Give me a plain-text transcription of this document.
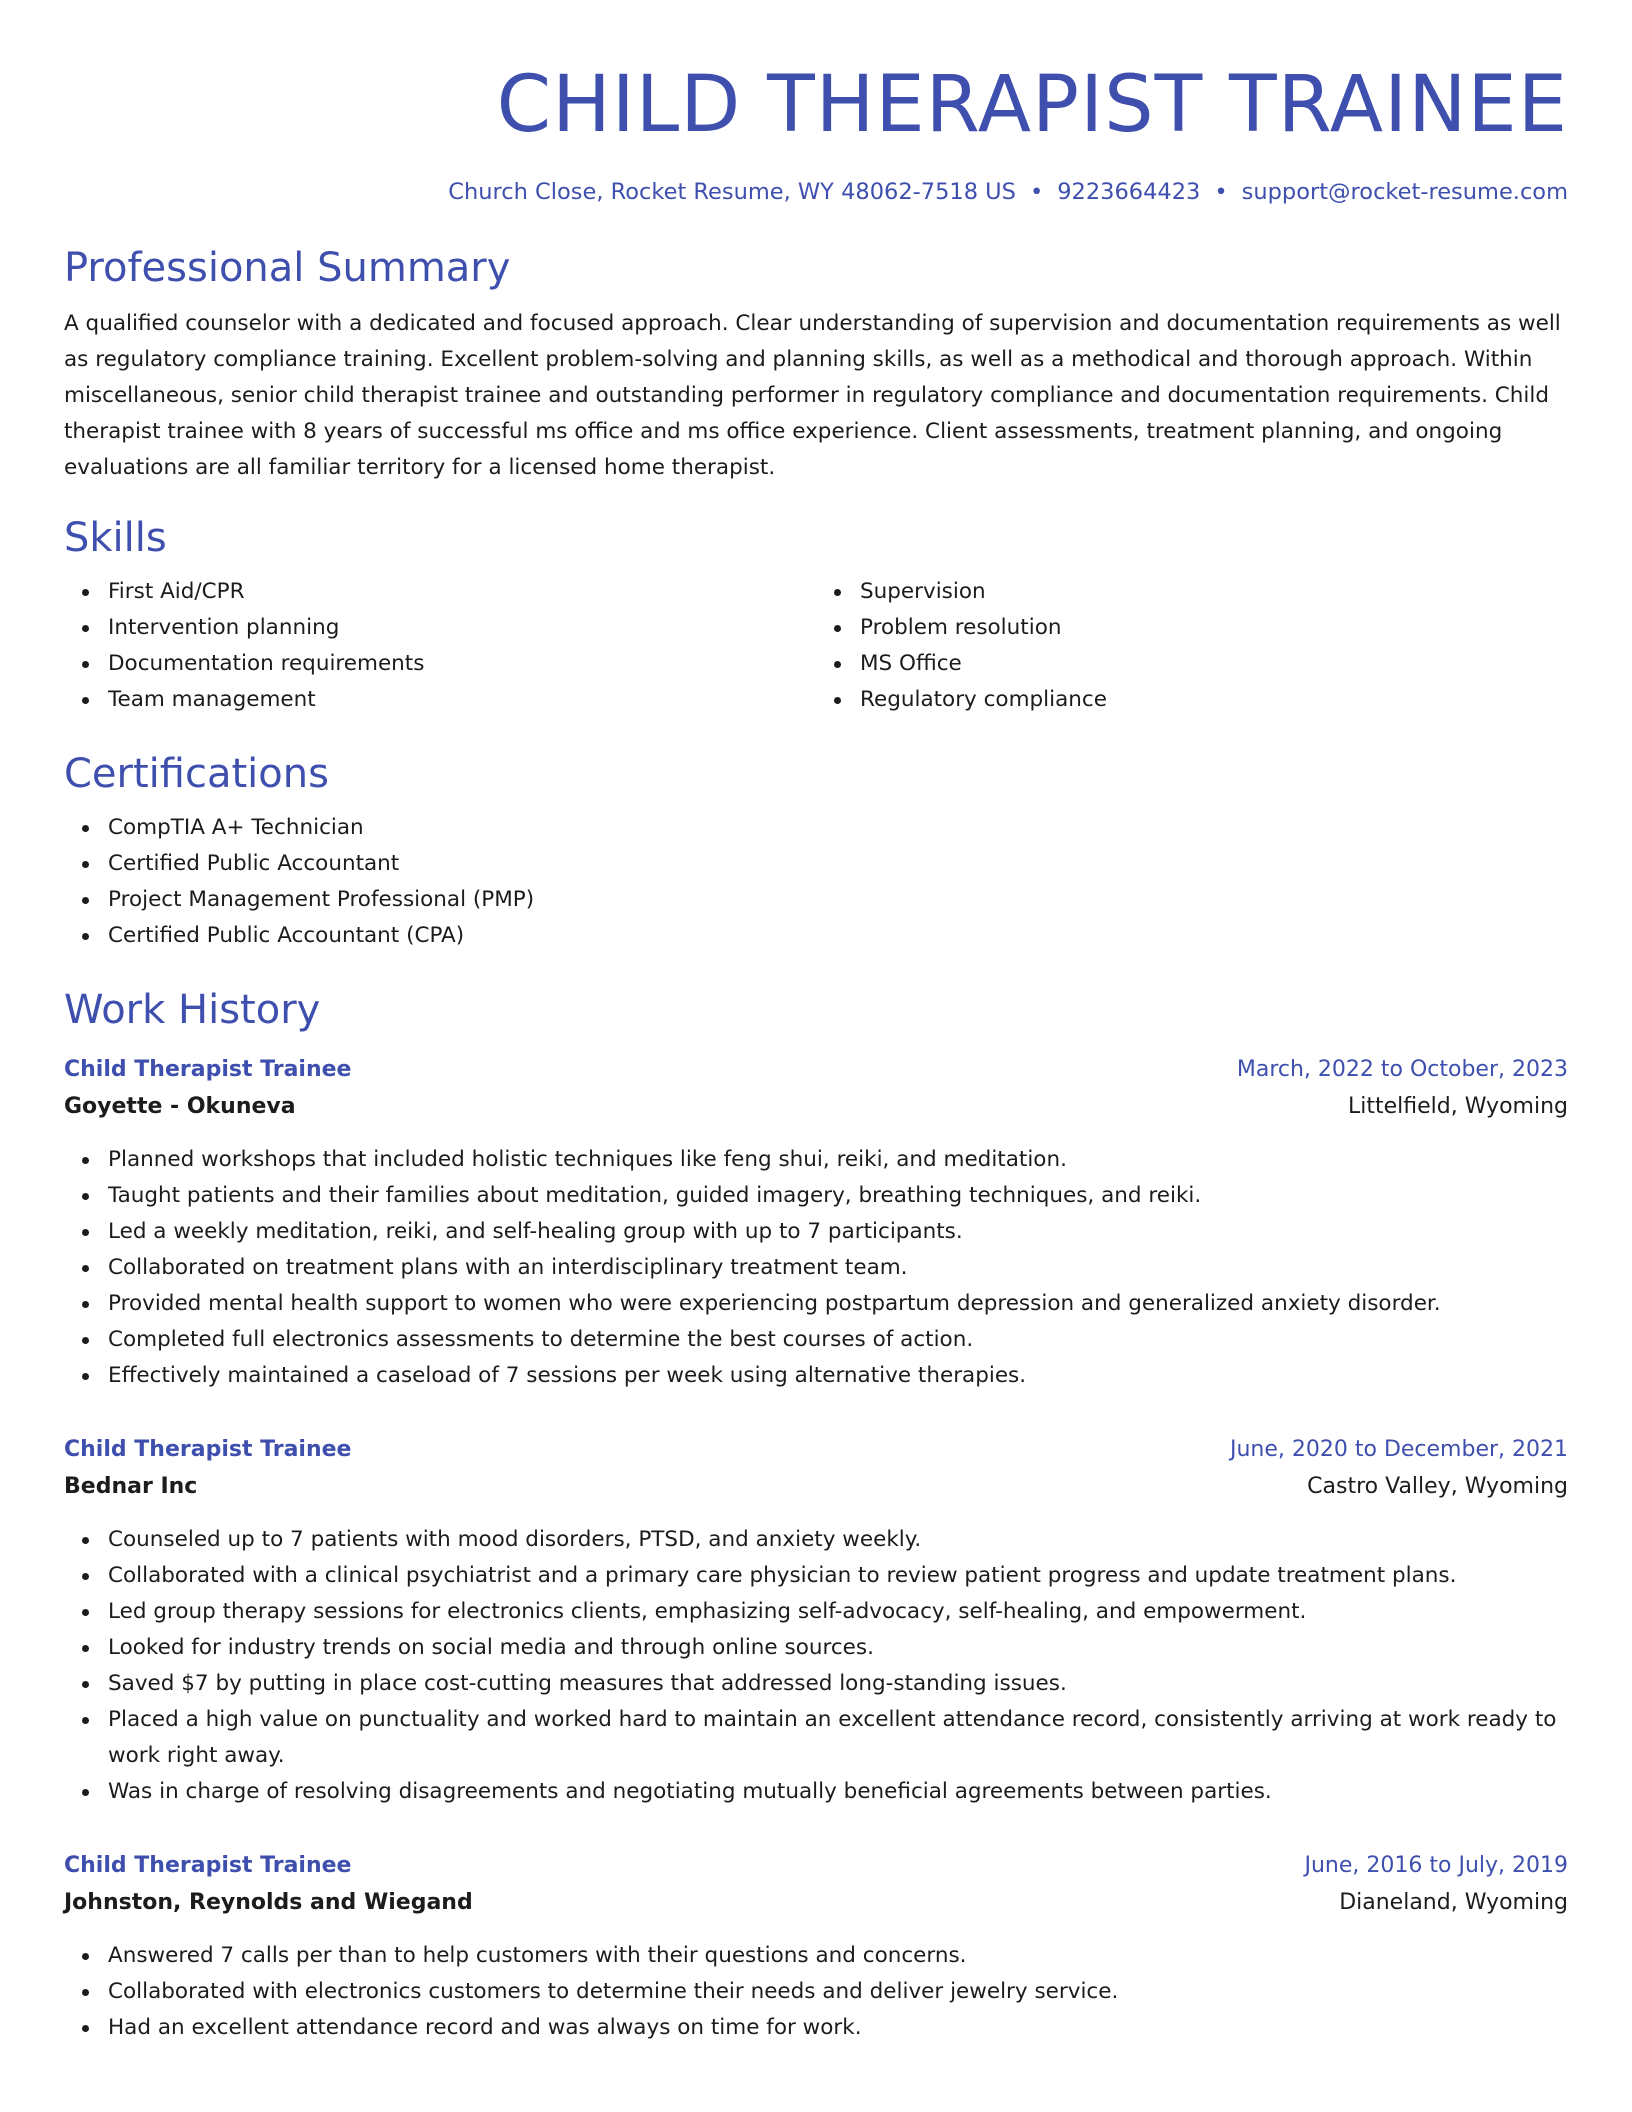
CHILD THERAPIST TRAINEE
Church Close, Rocket Resume, WY 48062-7518 US • 9223664423 • support@rocket-resume.com
Professional Summary

A qualified counselor with a dedicated and focused approach. Clear understanding of supervision and documentation requirements as well as regulatory compliance training. Excellent problem-solving and planning skills, as well as a methodical and thorough approach. Within miscellaneous, senior child therapist trainee and outstanding performer in regulatory compliance and documentation requirements. Child therapist trainee with 8 years of successful ms office and ms office experience. Client assessments, treatment planning, and ongoing evaluations are all familiar territory for a licensed home therapist.

Skills
First Aid/CPR
Intervention planning
Documentation requirements
Team management
Supervision
Problem resolution
MS Office
Regulatory compliance
Certifications
CompTIA A+ Technician
Certified Public Accountant
Project Management Professional (PMP)
Certified Public Accountant (CPA)
Work History
Child Therapist Trainee	March, 2022 to October, 2023
Goyette - Okuneva	Littelfield, Wyoming
Planned workshops that included holistic techniques like feng shui, reiki, and meditation.
Taught patients and their families about meditation, guided imagery, breathing techniques, and reiki.
Led a weekly meditation, reiki, and self-healing group with up to 7 participants.
Collaborated on treatment plans with an interdisciplinary treatment team.
Provided mental health support to women who were experiencing postpartum depression and generalized anxiety disorder.
Completed full electronics assessments to determine the best courses of action.
Effectively maintained a caseload of 7 sessions per week using alternative therapies.
Child Therapist Trainee	June, 2020 to December, 2021
Bednar Inc	Castro Valley, Wyoming
Counseled up to 7 patients with mood disorders, PTSD, and anxiety weekly.
Collaborated with a clinical psychiatrist and a primary care physician to review patient progress and update treatment plans.
Led group therapy sessions for electronics clients, emphasizing self-advocacy, self-healing, and empowerment.
Looked for industry trends on social media and through online sources.
Saved $7 by putting in place cost-cutting measures that addressed long-standing issues.
Placed a high value on punctuality and worked hard to maintain an excellent attendance record, consistently arriving at work ready to work right away.
Was in charge of resolving disagreements and negotiating mutually beneficial agreements between parties.
Child Therapist Trainee	June, 2016 to July, 2019
Johnston, Reynolds and Wiegand	Dianeland, Wyoming
Answered 7 calls per than to help customers with their questions and concerns.
Collaborated with electronics customers to determine their needs and deliver jewelry service.
Had an excellent attendance record and was always on time for work.
